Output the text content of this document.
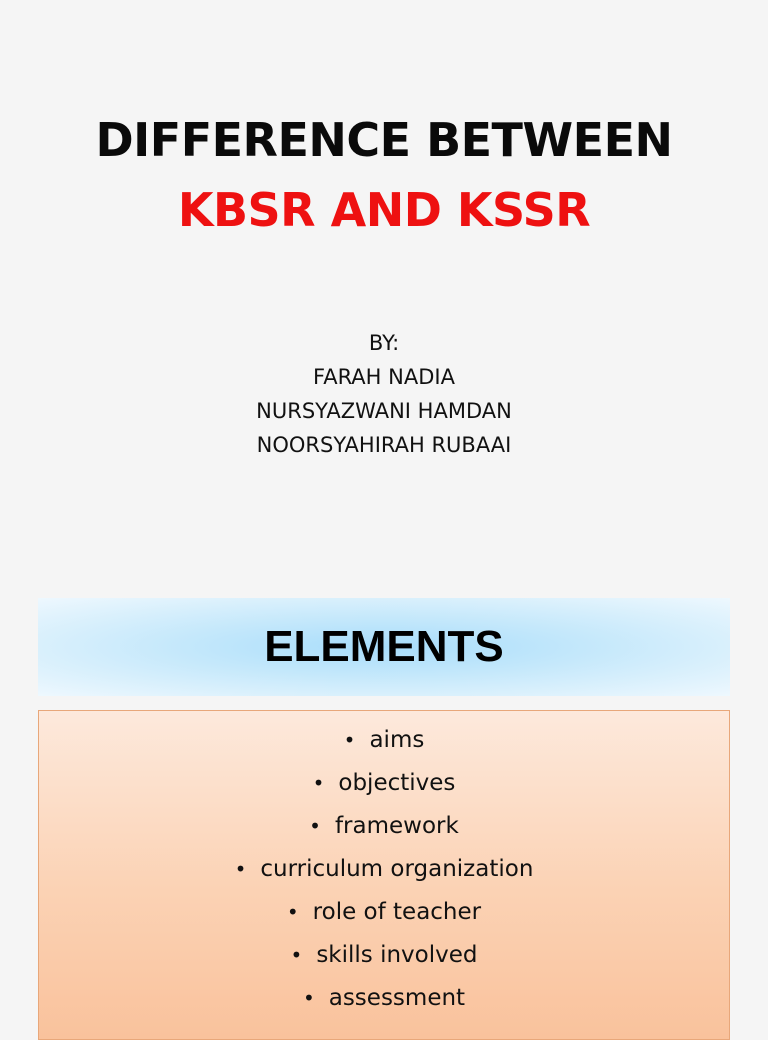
DIFFERENCE BETWEEN
KBSR AND KSSR
BY:
FARAH NADIA
NURSYAZWANI HAMDAN
NOORSYAHIRAH RUBAAI
ELEMENTS
• aims
• objectives
• framework
• curriculum organization
• role of teacher
• skills involved
• assessment
